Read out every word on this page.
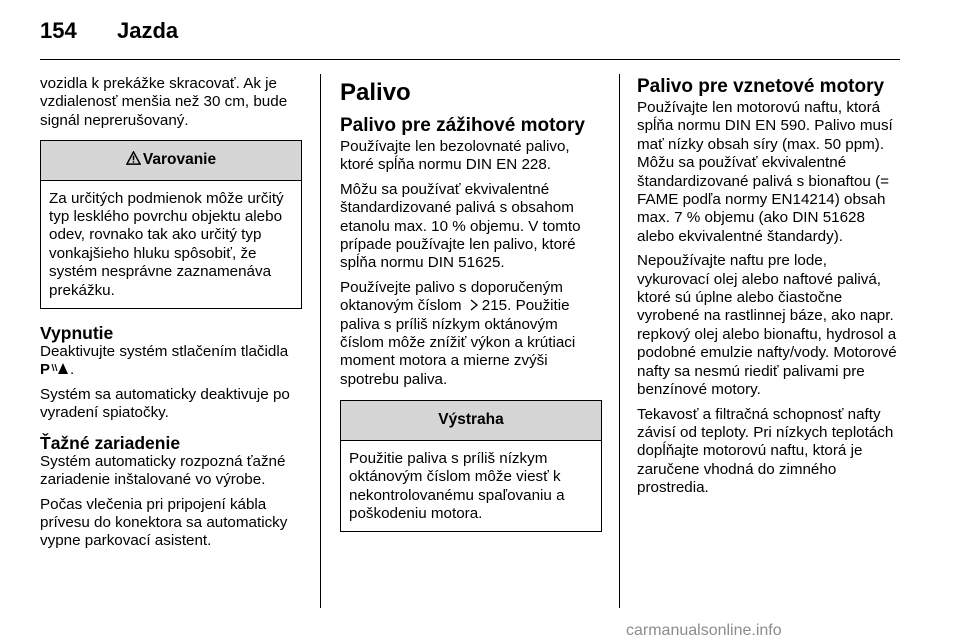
154 Jazda

vozidla k prekážke skracovať. Ak je vzdialenosť menšia než 30 cm, bude signál neprerušovaný.

Varovanie
Za určitých podmienok môže určitý typ lesklého povrchu objektu alebo odev, rovnako tak ako určitý typ vonkajšieho hluku spôsobiť, že systém nesprávne zaznamenáva prekážku.
Vypnutie

Deaktivujte systém stlačením tlačidla P .

Systém sa automaticky deaktivuje po vyradení spiatočky.

Ťažné zariadenie

Systém automaticky rozpozná ťažné zariadenie inštalované vo výrobe.

Počas vlečenia pri pripojení kábla prívesu do konektora sa automaticky vypne parkovací asistent.

Palivo
Palivo pre zážihové motory

Používajte len bezolovnaté palivo, ktoré spĺňa normu DIN EN 228.

Môžu sa používať ekvivalentné štandardizované palivá s obsahom etanolu max. 10 % objemu. V tomto prípade používajte len palivo, ktoré spĺňa normu DIN 51625.

Používejte palivo s doporučeným oktanovým číslom 215. Použitie paliva s príliš nízkym oktánovým číslom môže znížiť výkon a krútiaci moment motora a mierne zvýši spotrebu paliva.

Výstraha
Použitie paliva s príliš nízkym oktánovým číslom môže viesť k nekontrolovanému spaľovaniu a poškodeniu motora.
Palivo pre vznetové motory

Používajte len motorovú naftu, ktorá spĺňa normu DIN EN 590. Palivo musí mať nízky obsah síry (max. 50 ppm). Môžu sa používať ekvivalentné štandardizované palivá s bionaftou (= FAME podľa normy EN14214) obsah max. 7 % objemu (ako DIN 51628 alebo ekvivalentné štandardy).

Nepoužívajte naftu pre lode, vykurovací olej alebo naftové palivá, ktoré sú úplne alebo čiastočne vyrobené na rastlinnej báze, ako napr. repkový olej alebo bionaftu, hydrosol a podobné emulzie nafty/vody. Motorové nafty sa nesmú riediť palivami pre benzínové motory.

Tekavosť a filtračná schopnosť nafty závisí od teploty. Pri nízkych teplotách dopĺňajte motorovú naftu, ktorá je zaručene vhodná do zimného prostredia.

carmanualsonline.info
